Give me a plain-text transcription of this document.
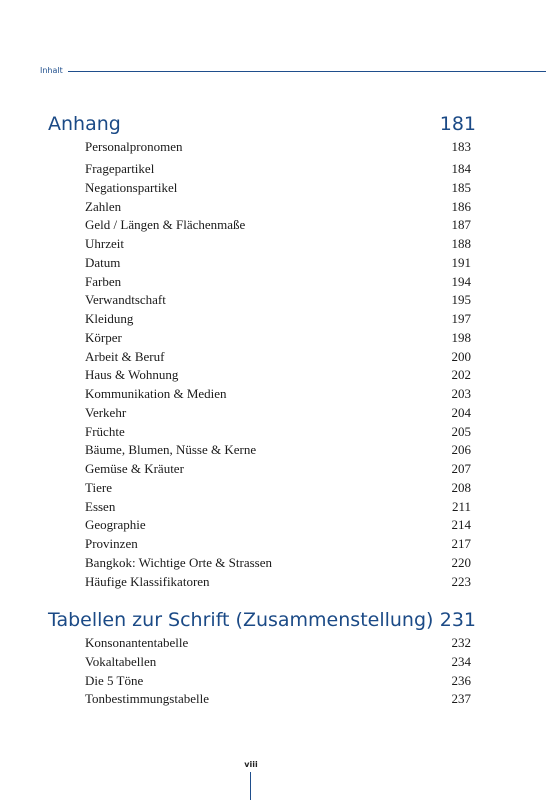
Inhalt
Anhang	181
Personalpronomen	183
Fragepartikel	184
Negationspartikel	185
Zahlen	186
Geld / Längen & Flächenmaße	187
Uhrzeit	188
Datum	191
Farben	194
Verwandtschaft	195
Kleidung	197
Körper	198
Arbeit & Beruf	200
Haus & Wohnung	202
Kommunikation & Medien	203
Verkehr	204
Früchte	205
Bäume, Blumen, Nüsse & Kerne	206
Gemüse & Kräuter	207
Tiere	208
Essen	211
Geographie	214
Provinzen	217
Bangkok: Wichtige Orte & Strassen	220
Häufige Klassifikatoren	223
Tabellen zur Schrift (Zusammenstellung) 231
Konsonantentabelle	232
Vokaltabellen	234
Die 5 Töne	236
Tonbestimmungstabelle	237
viii
